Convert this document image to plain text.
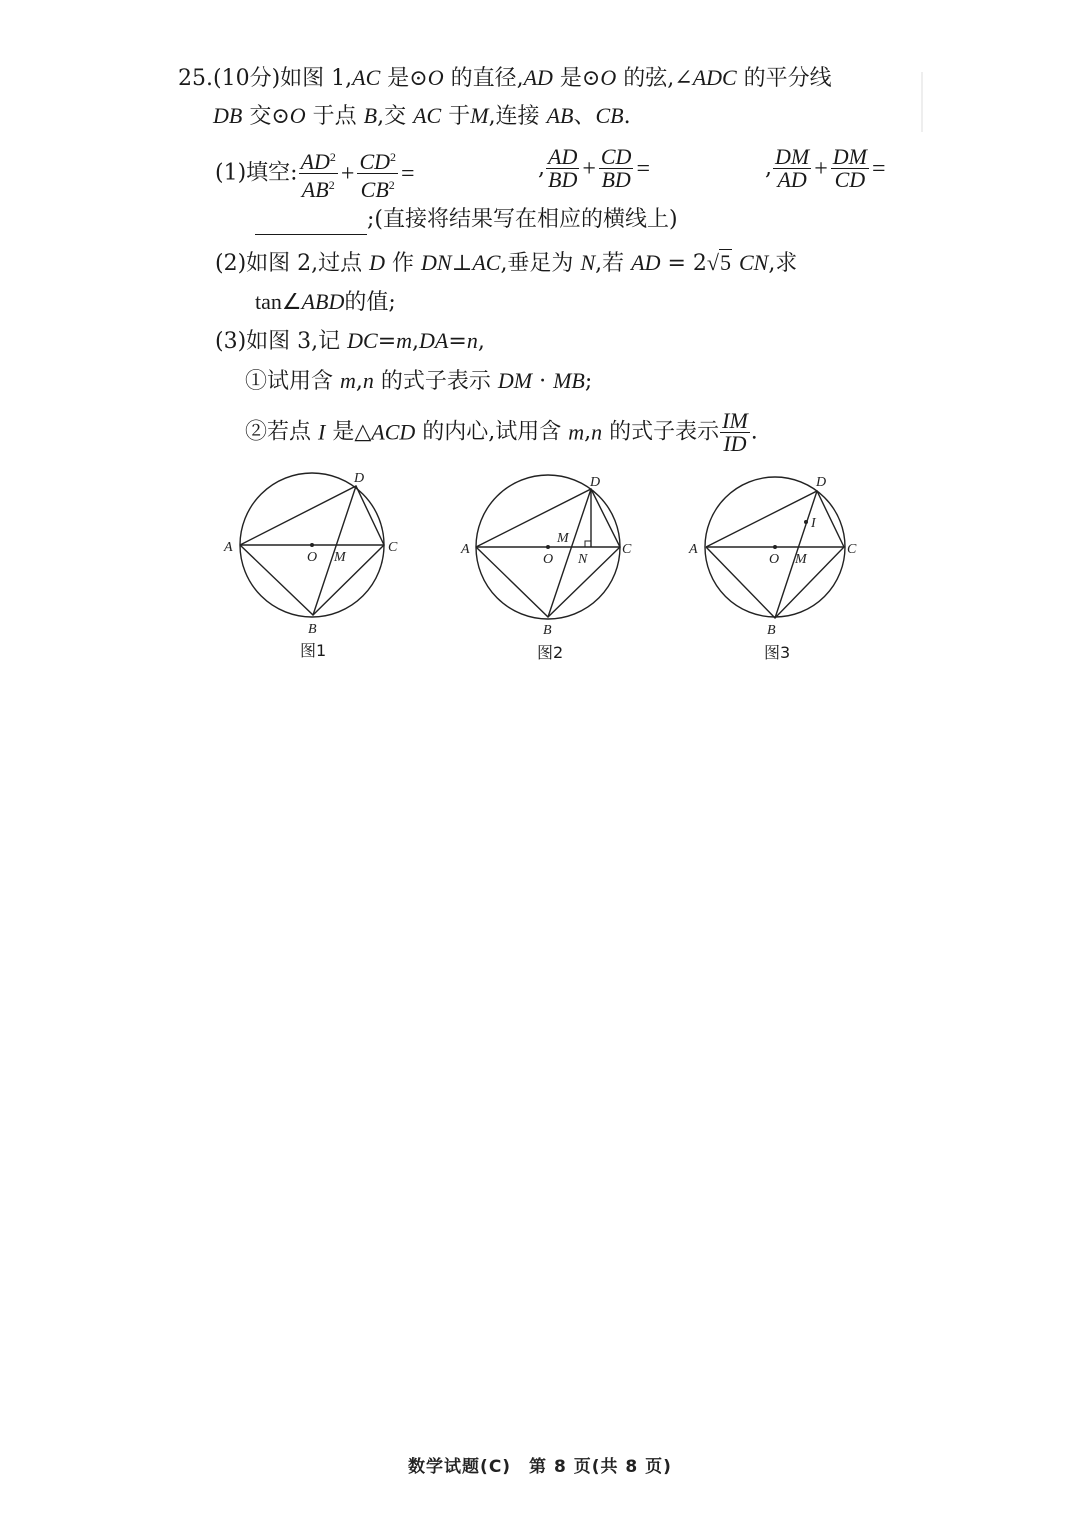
25.(10分)如图 1,AC 是⊙O 的直径,AD 是⊙O 的弦,∠ADC 的平分线
DB 交⊙O 于点 B,交 AC 于M,连接 AB、CB.
(1)填空: $\frac{AD^2}{AB^2} + \frac{CD^2}{CB^2}$ =	, $\frac{AD}{BD} + \frac{CD}{BD}$ =	, $\frac{DM}{AD} + \frac{DM}{CD}$ =
;(直接将结果写在相应的横线上)
(2)如图 2,过点 D 作 DN⊥AC,垂足为 N,若 AD = 2√5 CN,求
tan∠ABD的值;
(3)如图 3,记 DC=m,DA=n,
①试用含 m,n 的式子表示 DM · MB;
②若点 I 是△ACD 的内心,试用含 m,n 的式子表示 $\frac{IM}{ID}$ .
A
D
C
B
O M
图1
A
D
C
B
O
M
N
图2
A
D
C
B
O M
I
图3
数学试题(C)　第 8 页(共 8 页)
